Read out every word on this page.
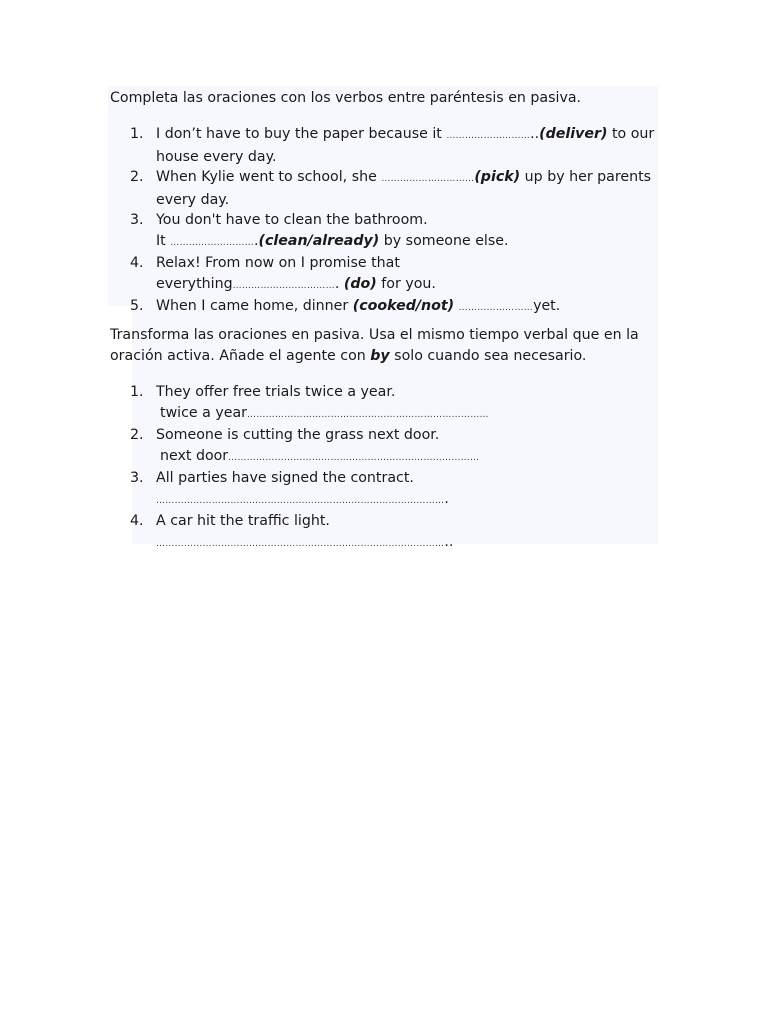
Completa las oraciones con los verbos entre paréntesis en pasiva.

1. I don’t have to buy the paper because it ………………………..(deliver) to our house every day.
2. When Kylie went to school, she …………………………(pick) up by her parents every day.
3. You don't have to clean the bathroom.
It ……………………….(clean/already) by someone else.
4. Relax! From now on I promise that
everything……………………………. (do) for you.
5. When I came home, dinner (cooked/not) ……………………yet.

Transforma las oraciones en pasiva. Usa el mismo tiempo verbal que en la oración activa. Añade el agente con by solo cuando sea necesario.

1. They offer free trials twice a year.
twice a year……………………………………………………………………
2. Someone is cutting the grass next door.
next door………………………………………………………………………
3. All parties have signed the contract.
………………………………………………………………………………….
4. A car hit the traffic light.
…………………………………………………………………………………..
